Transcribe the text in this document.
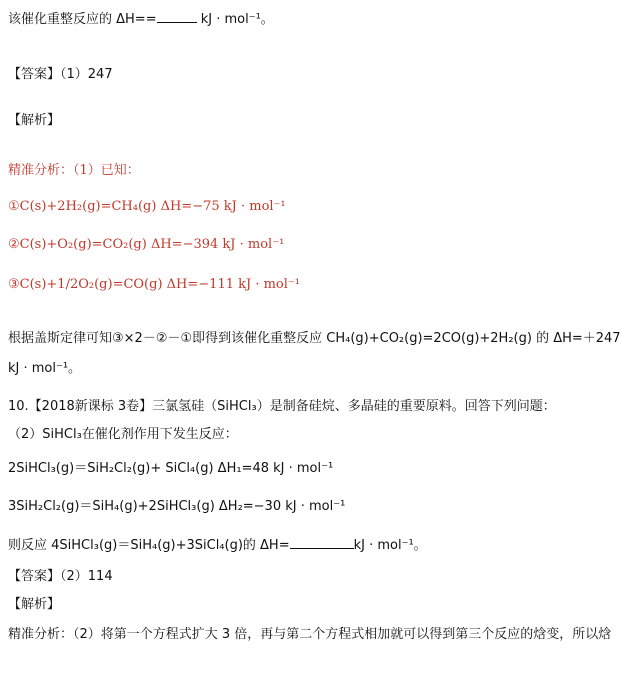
该催化重整反应的 ΔH==	kJ · mol⁻¹。
【答案】（1）247
【解析】
精准分析：（1）已知：
①C(s)+2H₂(g)=CH₄(g) ΔH=−75 kJ · mol⁻¹
②C(s)+O₂(g)=CO₂(g) ΔH=−394 kJ · mol⁻¹
③C(s)+1/2O₂(g)=CO(g) ΔH=−111 kJ · mol⁻¹
根据盖斯定律可知③×2－②－①即得到该催化重整反应 CH₄(g)+CO₂(g)=2CO(g)+2H₂(g) 的 ΔH=＋247
kJ · mol⁻¹。
10.【2018新课标 3卷】三氯氢硅（SiHCl₃）是制备硅烷、多晶硅的重要原料。回答下列问题：
（2）SiHCl₃在催化剂作用下发生反应：
2SiHCl₃(g)＝SiH₂Cl₂(g)+ SiCl₄(g) ΔH₁=48 kJ · mol⁻¹
3SiH₂Cl₂(g)＝SiH₄(g)+2SiHCl₃(g) ΔH₂=−30 kJ · mol⁻¹
则反应 4SiHCl₃(g)＝SiH₄(g)+3SiCl₄(g)的 ΔH=	kJ · mol⁻¹。
【答案】（2）114
【解析】
精准分析：（2）将第一个方程式扩大 3 倍，再与第二个方程式相加就可以得到第三个反应的焓变，所以焓
